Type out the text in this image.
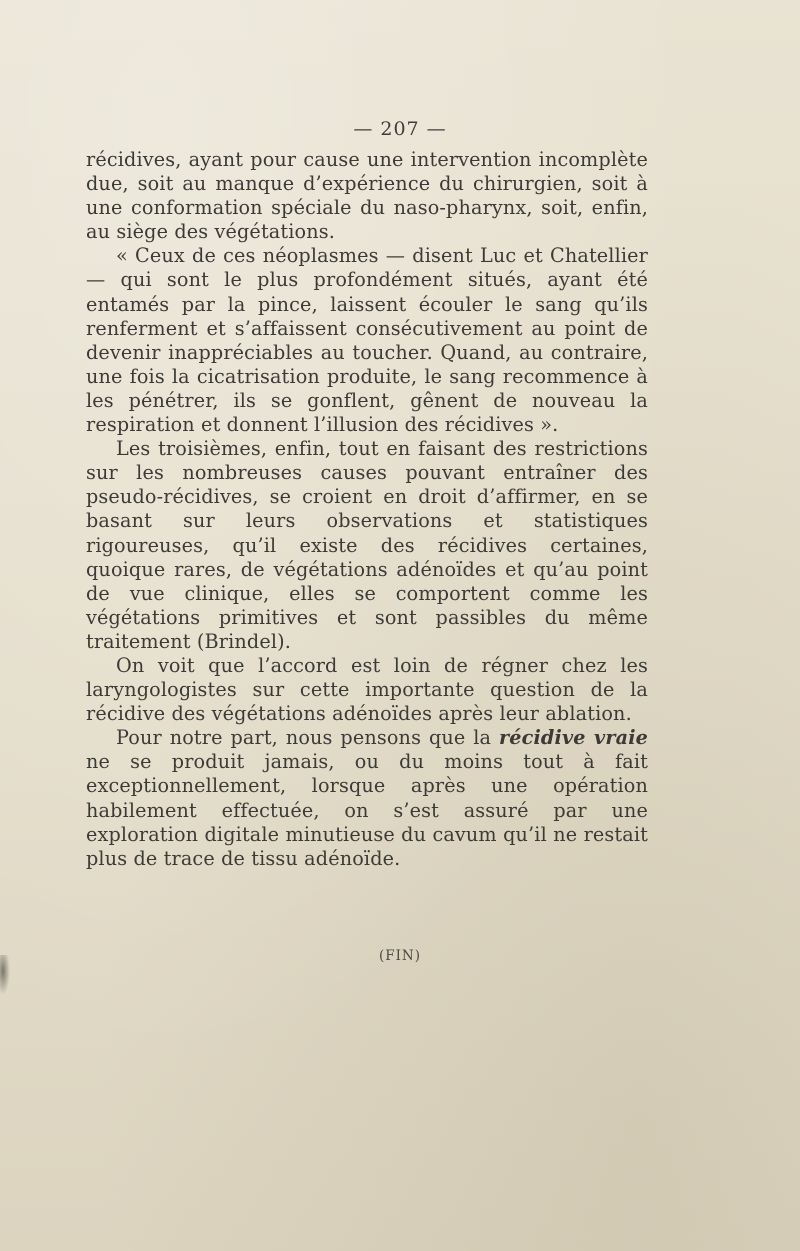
— 207 —

récidives, ayant pour cause une intervention incomplète due, soit au manque d’expérience du chirurgien, soit à une conformation spéciale du naso-pharynx, soit, enfin, au siège des végétations.

« Ceux de ces néoplasmes — disent Luc et Chatellier — qui sont le plus profondément situés, ayant été entamés par la pince, laissent écouler le sang qu’ils renferment et s’affaissent consécutivement au point de devenir inappréciables au toucher. Quand, au contraire, une fois la cicatrisation produite, le sang recommence à les pénétrer, ils se gonflent, gênent de nouveau la respiration et donnent l’illusion des récidives ».

Les troisièmes, enfin, tout en faisant des restrictions sur les nombreuses causes pouvant entraîner des pseudo-récidives, se croient en droit d’affirmer, en se basant sur leurs observations et statistiques rigoureuses, qu’il existe des récidives certaines, quoique rares, de végétations adénoïdes et qu’au point de vue clinique, elles se comportent comme les végétations primitives et sont passibles du même traitement (Brindel).

On voit que l’accord est loin de régner chez les laryngologistes sur cette importante question de la récidive des végétations adénoïdes après leur ablation.

Pour notre part, nous pensons que la récidive vraie ne se produit jamais, ou du moins tout à fait exceptionnellement, lorsque après une opération habilement effectuée, on s’est assuré par une exploration digitale minutieuse du cavum qu’il ne restait plus de trace de tissu adénoïde.

(FIN)
